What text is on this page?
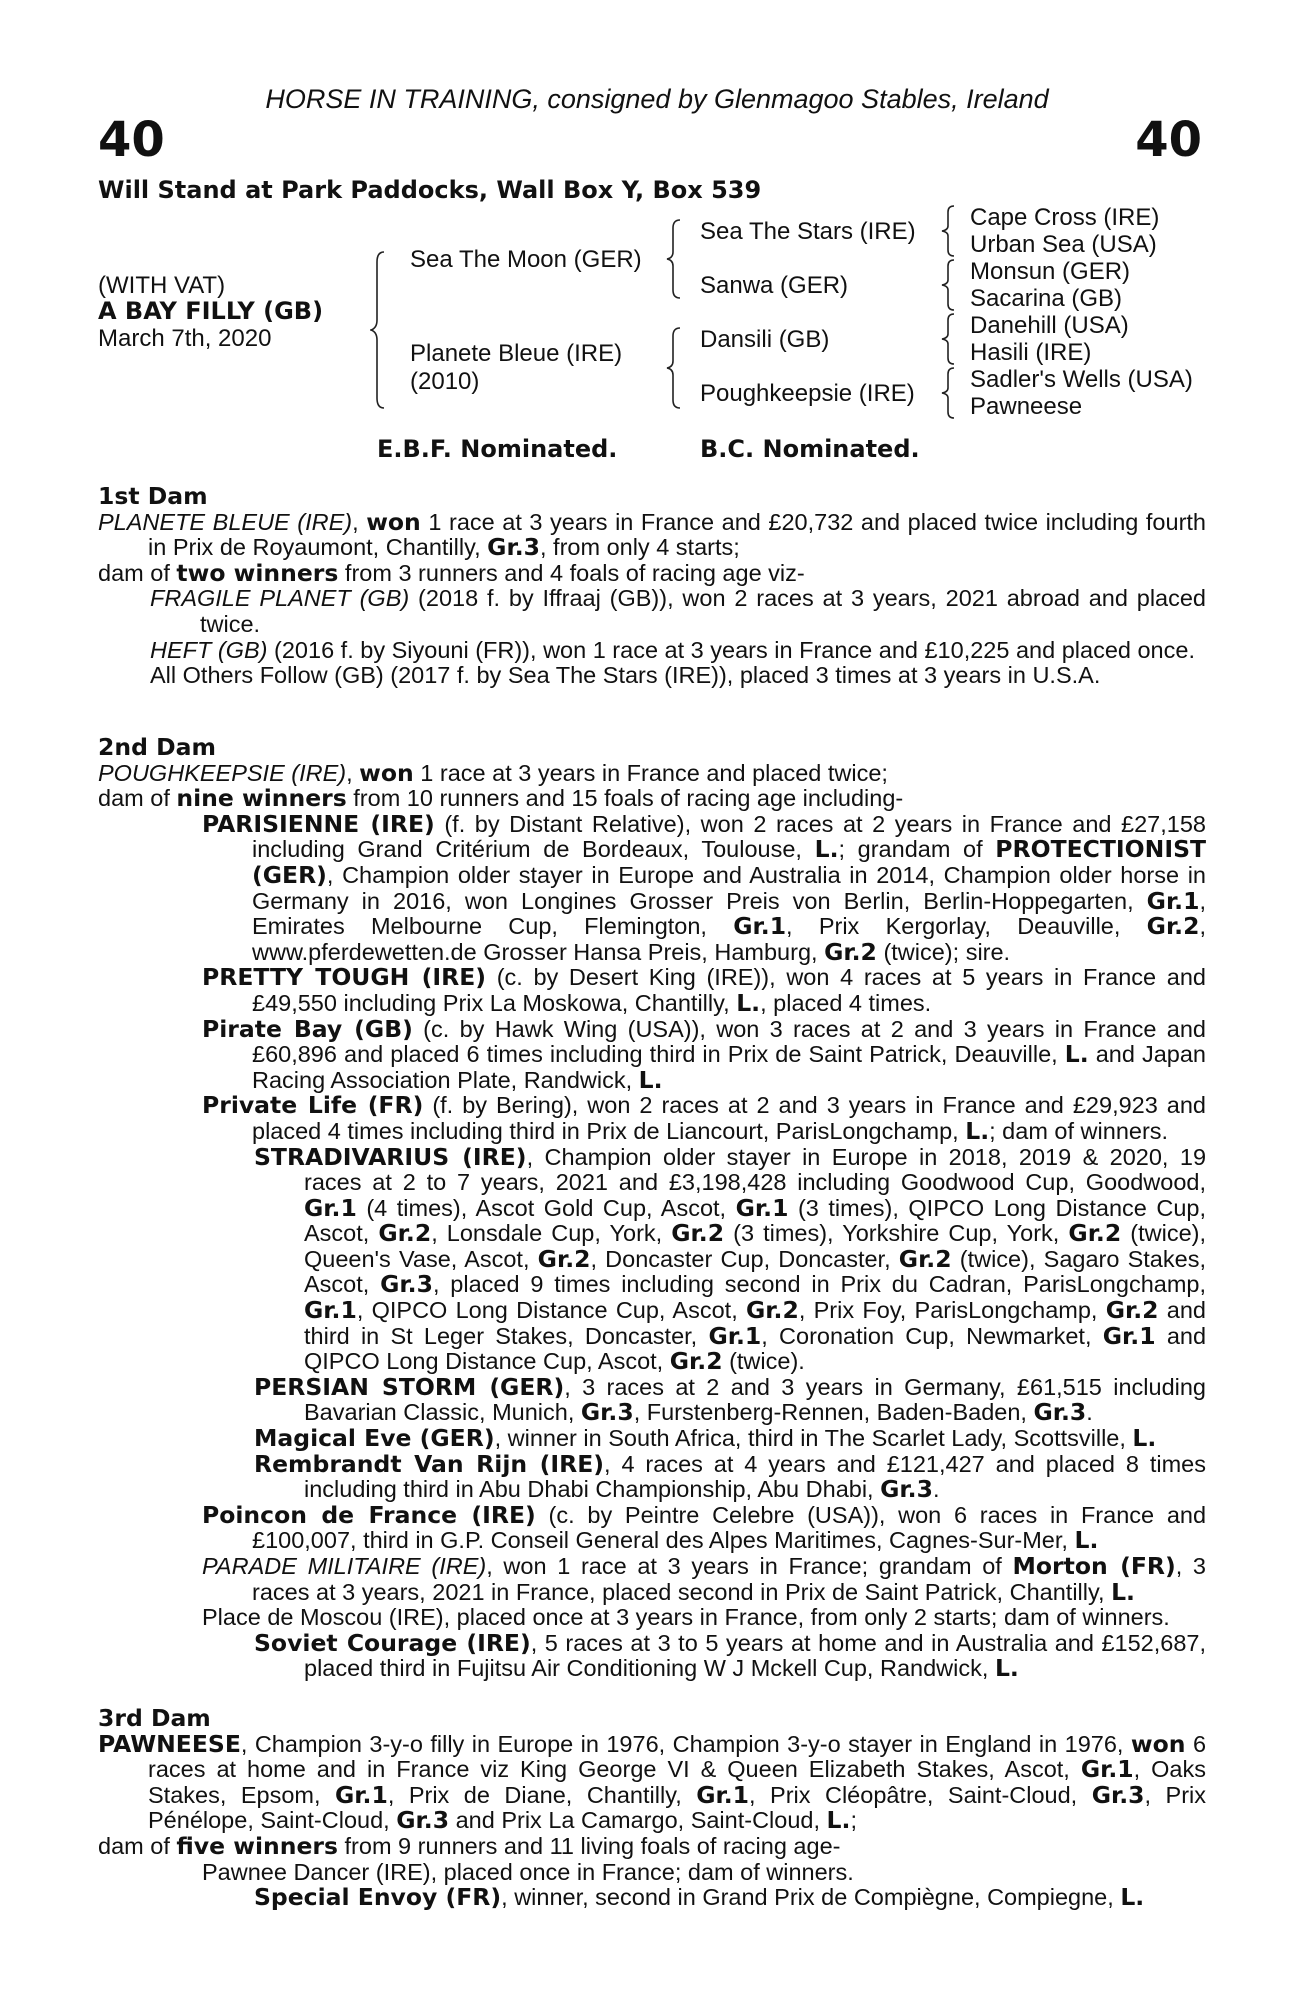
HORSE IN TRAINING, consigned by Glenmagoo Stables, Ireland
40	40
Will Stand at Park Paddocks, Wall Box Y, Box 539
(WITH VAT)
A BAY FILLY (GB)
March 7th, 2020
Sea The Moon (GER)
Planete Bleue (IRE)
(2010)
Sea The Stars (IRE)
Sanwa (GER)
Dansili (GB)
Poughkeepsie (IRE)
Cape Cross (IRE)
Urban Sea (USA)
Monsun (GER)
Sacarina (GB)
Danehill (USA)
Hasili (IRE)
Sadler's Wells (USA)
Pawneese
E.B.F. Nominated.	B.C. Nominated.
1st Dam
PLANETE BLEUE (IRE), won 1 race at 3 years in France and £20,732 and placed twice including fourth in Prix de Royaumont, Chantilly, Gr.3, from only 4 starts;
dam of two winners from 3 runners and 4 foals of racing age viz-
FRAGILE PLANET (GB) (2018 f. by Iffraaj (GB)), won 2 races at 3 years, 2021 abroad and placed twice.
HEFT (GB) (2016 f. by Siyouni (FR)), won 1 race at 3 years in France and £10,225 and placed once.
All Others Follow (GB) (2017 f. by Sea The Stars (IRE)), placed 3 times at 3 years in U.S.A.
2nd Dam
POUGHKEEPSIE (IRE), won 1 race at 3 years in France and placed twice;
dam of nine winners from 10 runners and 15 foals of racing age including-
PARISIENNE (IRE) (f. by Distant Relative), won 2 races at 2 years in France and £27,158 including Grand Critérium de Bordeaux, Toulouse, L.; grandam of PROTECTIONIST (GER), Champion older stayer in Europe and Australia in 2014, Champion older horse in Germany in 2016, won Longines Grosser Preis von Berlin, Berlin-Hoppegarten, Gr.1, Emirates Melbourne Cup, Flemington, Gr.1, Prix Kergorlay, Deauville, Gr.2, www.pferdewetten.de Grosser Hansa Preis, Hamburg, Gr.2 (twice); sire.
PRETTY TOUGH (IRE) (c. by Desert King (IRE)), won 4 races at 5 years in France and £49,550 including Prix La Moskowa, Chantilly, L., placed 4 times.
Pirate Bay (GB) (c. by Hawk Wing (USA)), won 3 races at 2 and 3 years in France and £60,896 and placed 6 times including third in Prix de Saint Patrick, Deauville, L. and Japan Racing Association Plate, Randwick, L.
Private Life (FR) (f. by Bering), won 2 races at 2 and 3 years in France and £29,923 and placed 4 times including third in Prix de Liancourt, ParisLongchamp, L.; dam of winners.
STRADIVARIUS (IRE), Champion older stayer in Europe in 2018, 2019 & 2020, 19 races at 2 to 7 years, 2021 and £3,198,428 including Goodwood Cup, Goodwood, Gr.1 (4 times), Ascot Gold Cup, Ascot, Gr.1 (3 times), QIPCO Long Distance Cup, Ascot, Gr.2, Lonsdale Cup, York, Gr.2 (3 times), Yorkshire Cup, York, Gr.2 (twice), Queen's Vase, Ascot, Gr.2, Doncaster Cup, Doncaster, Gr.2 (twice), Sagaro Stakes, Ascot, Gr.3, placed 9 times including second in Prix du Cadran, ParisLongchamp, Gr.1, QIPCO Long Distance Cup, Ascot, Gr.2, Prix Foy, ParisLongchamp, Gr.2 and third in St Leger Stakes, Doncaster, Gr.1, Coronation Cup, Newmarket, Gr.1 and QIPCO Long Distance Cup, Ascot, Gr.2 (twice).
PERSIAN STORM (GER), 3 races at 2 and 3 years in Germany, £61,515 including Bavarian Classic, Munich, Gr.3, Furstenberg-Rennen, Baden-Baden, Gr.3.
Magical Eve (GER), winner in South Africa, third in The Scarlet Lady, Scottsville, L.
Rembrandt Van Rijn (IRE), 4 races at 4 years and £121,427 and placed 8 times including third in Abu Dhabi Championship, Abu Dhabi, Gr.3.
Poincon de France (IRE) (c. by Peintre Celebre (USA)), won 6 races in France and £100,007, third in G.P. Conseil General des Alpes Maritimes, Cagnes-Sur-Mer, L.
PARADE MILITAIRE (IRE), won 1 race at 3 years in France; grandam of Morton (FR), 3 races at 3 years, 2021 in France, placed second in Prix de Saint Patrick, Chantilly, L.
Place de Moscou (IRE), placed once at 3 years in France, from only 2 starts; dam of winners.
Soviet Courage (IRE), 5 races at 3 to 5 years at home and in Australia and £152,687, placed third in Fujitsu Air Conditioning W J Mckell Cup, Randwick, L.
3rd Dam
PAWNEESE, Champion 3-y-o filly in Europe in 1976, Champion 3-y-o stayer in England in 1976, won 6 races at home and in France viz King George VI & Queen Elizabeth Stakes, Ascot, Gr.1, Oaks Stakes, Epsom, Gr.1, Prix de Diane, Chantilly, Gr.1, Prix Cléopâtre, Saint-Cloud, Gr.3, Prix Pénélope, Saint-Cloud, Gr.3 and Prix La Camargo, Saint-Cloud, L.;
dam of five winners from 9 runners and 11 living foals of racing age-
Pawnee Dancer (IRE), placed once in France; dam of winners.
Special Envoy (FR), winner, second in Grand Prix de Compiègne, Compiegne, L.
